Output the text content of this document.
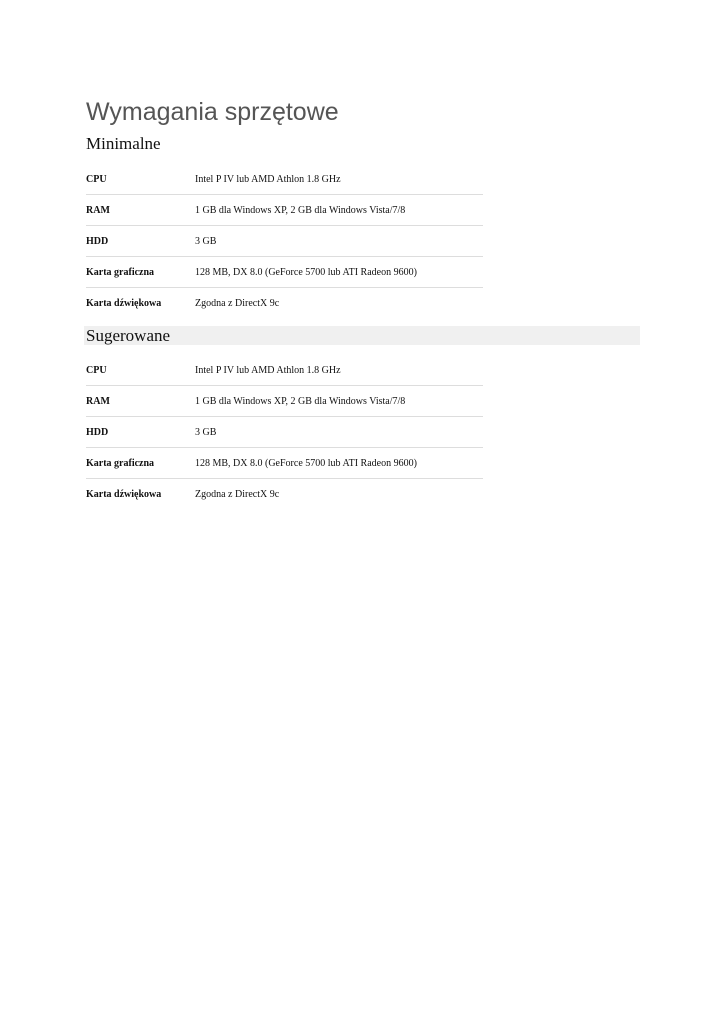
Wymagania sprzętowe
Minimalne
CPU	Intel P IV lub AMD Athlon 1.8 GHz
RAM	1 GB dla Windows XP, 2 GB dla Windows Vista/7/8
HDD	3 GB
Karta graficzna	128 MB, DX 8.0 (GeForce 5700 lub ATI Radeon 9600)
Karta dźwiękowa	Zgodna z DirectX 9c
Sugerowane
CPU	Intel P IV lub AMD Athlon 1.8 GHz
RAM	1 GB dla Windows XP, 2 GB dla Windows Vista/7/8
HDD	3 GB
Karta graficzna	128 MB, DX 8.0 (GeForce 5700 lub ATI Radeon 9600)
Karta dźwiękowa	Zgodna z DirectX 9c
